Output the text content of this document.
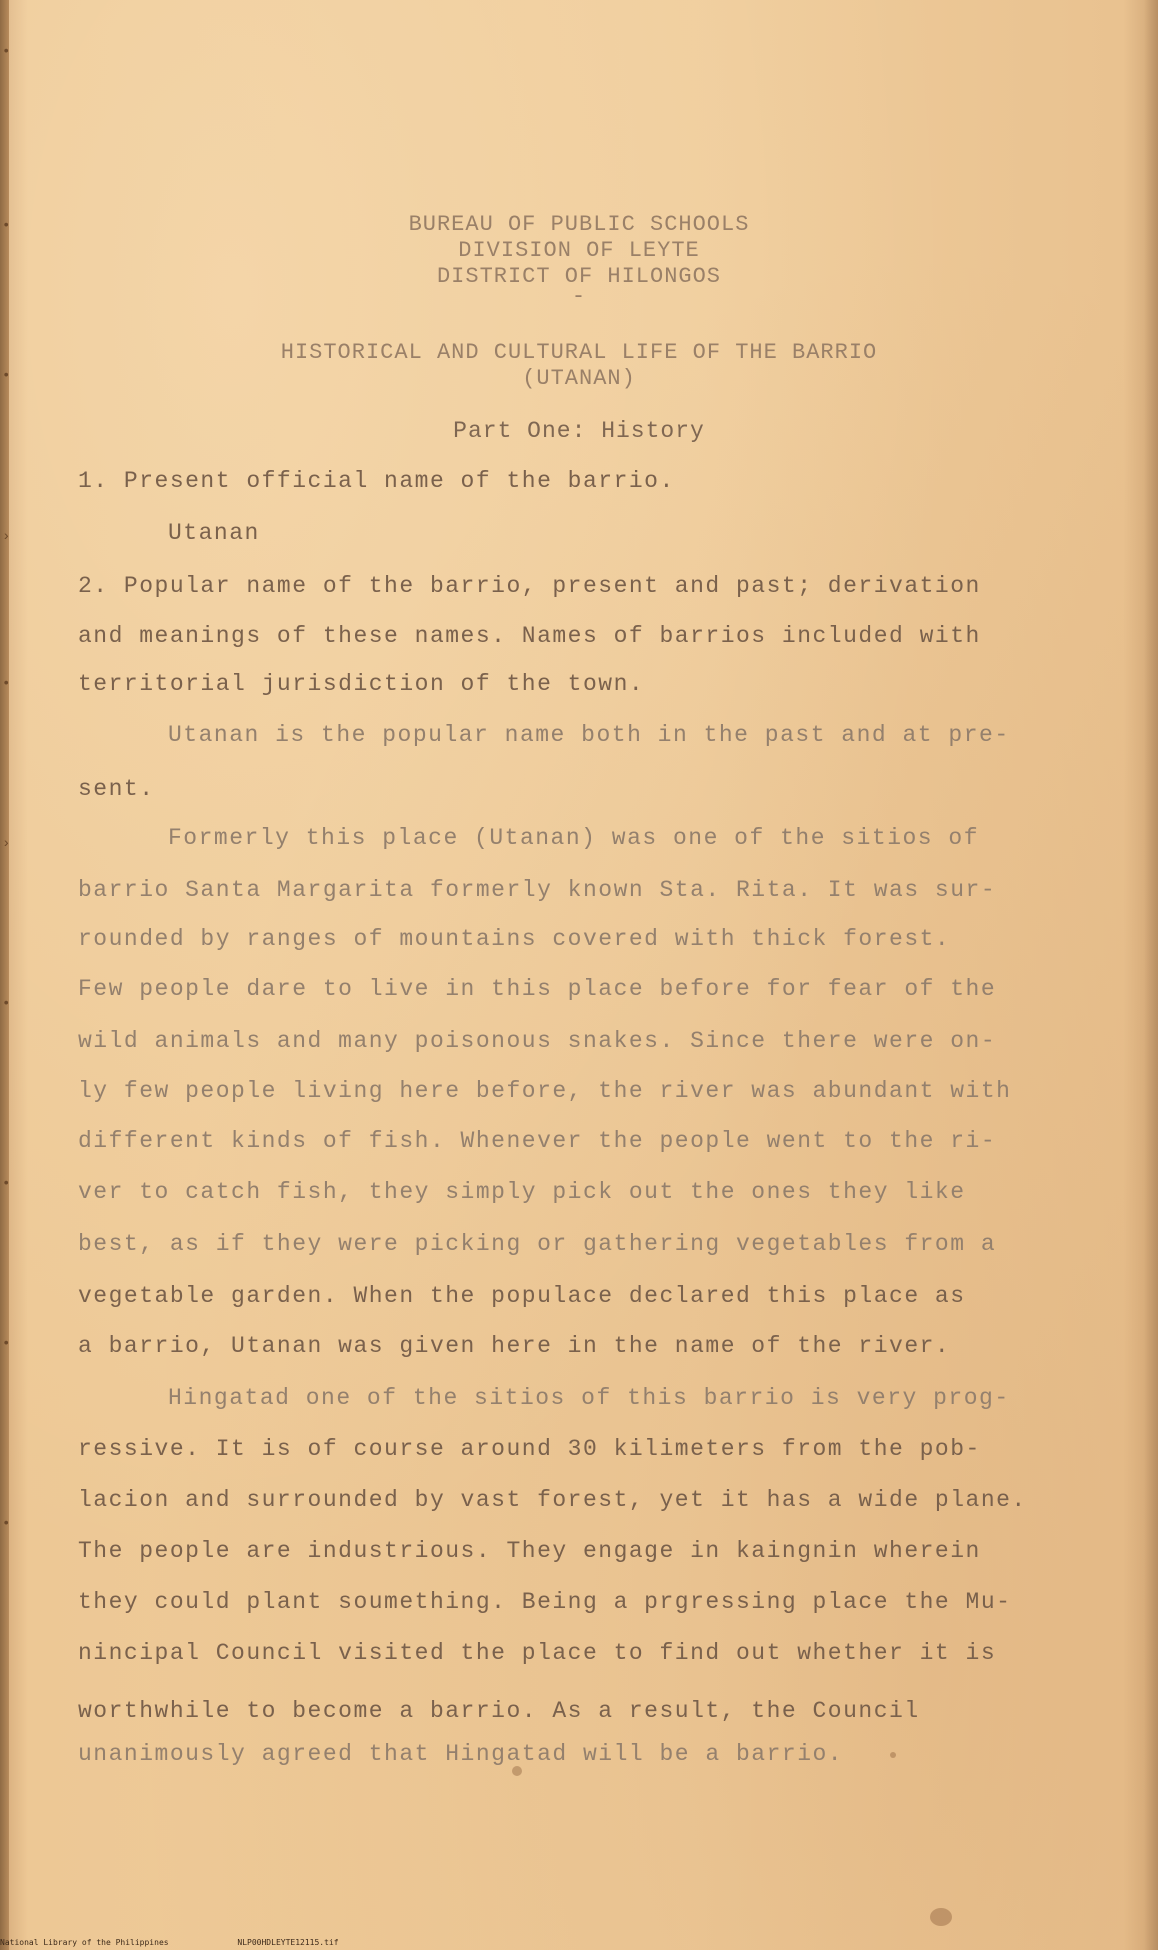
•
•
•
›
•
›
•
•
•
•
BUREAU OF PUBLIC SCHOOLS
DIVISION OF LEYTE
DISTRICT OF HILONGOS
-
HISTORICAL AND CULTURAL LIFE OF THE BARRIO
(UTANAN)
Part One: History
1. Present official name of the barrio.
Utanan
2. Popular name of the barrio, present and past; derivation
and meanings of these names. Names of barrios included with
territorial jurisdiction of the town.
Utanan is the popular name both in the past and at pre-
sent.
Formerly this place (Utanan) was one of the sitios of
barrio Santa Margarita formerly known Sta. Rita. It was sur-
rounded by ranges of mountains covered with thick forest.
Few people dare to live in this place before for fear of the
wild animals and many poisonous snakes. Since there were on-
ly few people living here before, the river was abundant with
different kinds of fish. Whenever the people went to the ri-
ver to catch fish, they simply pick out the ones they like
best, as if they were picking or gathering vegetables from a
vegetable garden. When the populace declared this place as
a barrio, Utanan was given here in the name of the river.
Hingatad one of the sitios of this barrio is very prog-
ressive. It is of course around 30 kilimeters from the pob-
lacion and surrounded by vast forest, yet it has a wide plane.
The people are industrious. They engage in kaingnin wherein
they could plant soumething. Being a prgressing place the Mu-
nincipal Council visited the place to find out whether it is
worthwhile to become a barrio. As a result, the Council
unanimously agreed that Hingatad will be a barrio.
National Library of the Philippines	NLP00HDLEYTE12115.tif
